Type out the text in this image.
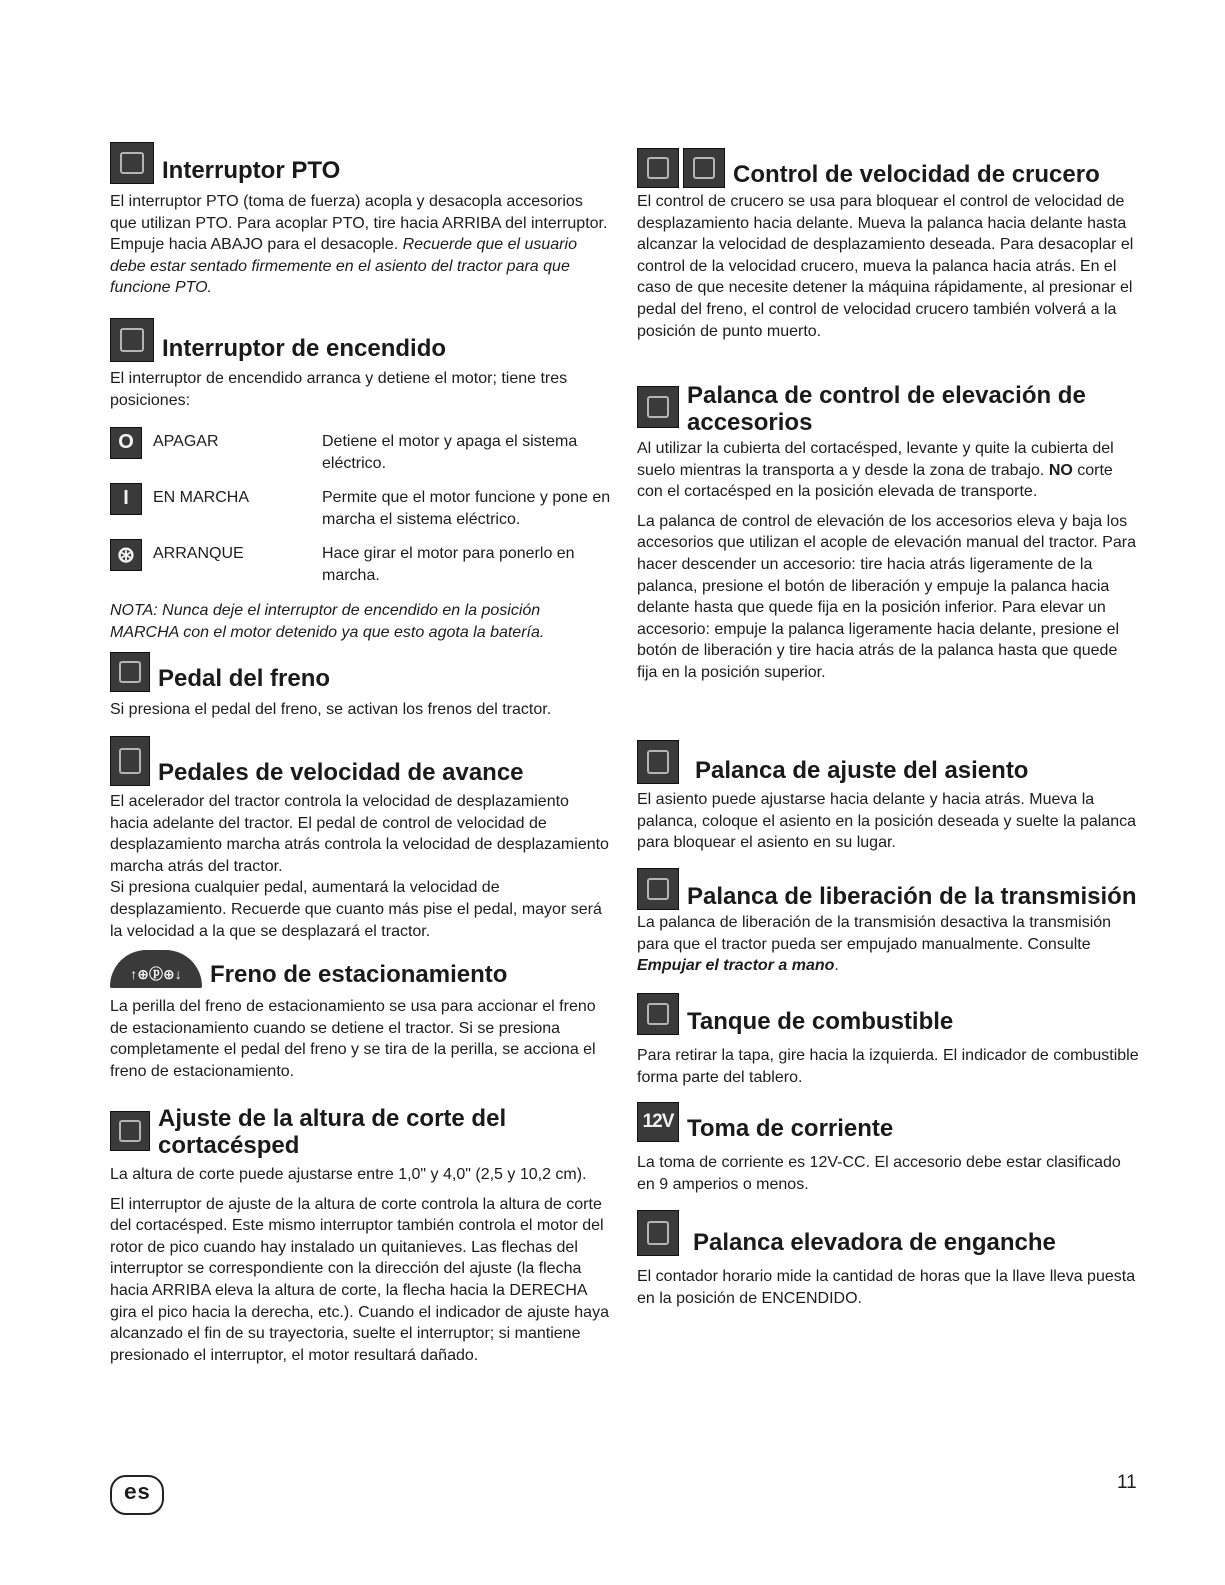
Interruptor PTO

El interruptor PTO (toma de fuerza) acopla y desacopla accesorios que utilizan PTO. Para acoplar PTO, tire hacia ARRIBA del interruptor. Empuje hacia ABAJO para el desacople. Recuerde que el usuario debe estar sentado firmemente en el asiento del tractor para que funcione PTO.

Interruptor de encendido

El interruptor de encendido arranca y detiene el motor; tiene tres posiciones:

O	APAGAR	Detiene el motor y apaga el sistema eléctrico.
I	EN MARCHA	Permite que el motor funcione y pone en marcha el sistema eléctrico.
⊛	ARRANQUE	Hace girar el motor para ponerlo en marcha.

NOTA: Nunca deje el interruptor de encendido en la posición MARCHA con el motor detenido ya que esto agota la batería.

Pedal del freno

Si presiona el pedal del freno, se activan los frenos del tractor.

Pedales de velocidad de avance

El acelerador del tractor controla la velocidad de desplazamiento hacia adelante del tractor. El pedal de control de velocidad de desplazamiento marcha atrás controla la velocidad de desplazamiento marcha atrás del tractor.

Si presiona cualquier pedal, aumentará la velocidad de desplazamiento. Recuerde que cuanto más pise el pedal, mayor será la velocidad a la que se desplazará el tractor.

↑⊕ⓟ⊕↓	Freno de estacionamiento

La perilla del freno de estacionamiento se usa para accionar el freno de estacionamiento cuando se detiene el tractor. Si se presiona completamente el pedal del freno y se tira de la perilla, se acciona el freno de estacionamiento.

Ajuste de la altura de corte del cortacésped

La altura de corte puede ajustarse entre 1,0" y 4,0" (2,5 y 10,2 cm).

El interruptor de ajuste de la altura de corte controla la altura de corte del cortacésped. Este mismo interruptor también controla el motor del rotor de pico cuando hay instalado un quitanieves. Las flechas del interruptor se correspondiente con la dirección del ajuste (la flecha hacia ARRIBA eleva la altura de corte, la flecha hacia la DERECHA gira el pico hacia la derecha, etc.). Cuando el indicador de ajuste haya alcanzado el fin de su trayectoria, suelte el interruptor; si mantiene presionado el interruptor, el motor resultará dañado.

Control de velocidad de crucero

El control de crucero se usa para bloquear el control de velocidad de desplazamiento hacia delante. Mueva la palanca hacia delante hasta alcanzar la velocidad de desplazamiento deseada. Para desacoplar el control de la velocidad crucero, mueva la palanca hacia atrás. En el caso de que necesite detener la máquina rápidamente, al presionar el pedal del freno, el control de velocidad crucero también volverá a la posición de punto muerto.

Palanca de control de elevación de accesorios

Al utilizar la cubierta del cortacésped, levante y quite la cubierta del suelo mientras la transporta a y desde la zona de trabajo. NO corte con el cortacésped en la posición elevada de transporte.

La palanca de control de elevación de los accesorios eleva y baja los accesorios que utilizan el acople de elevación manual del tractor. Para hacer descender un accesorio: tire hacia atrás ligeramente de la palanca, presione el botón de liberación y empuje la palanca hacia delante hasta que quede fija en la posición inferior. Para elevar un accesorio: empuje la palanca ligeramente hacia delante, presione el botón de liberación y tire hacia atrás de la palanca hasta que quede fija en la posición superior.

Palanca de ajuste del asiento

El asiento puede ajustarse hacia delante y hacia atrás. Mueva la palanca, coloque el asiento en la posición deseada y suelte la palanca para bloquear el asiento en su lugar.

Palanca de liberación de la transmisión

La palanca de liberación de la transmisión desactiva la transmisión para que el tractor pueda ser empujado manualmente. Consulte Empujar el tractor a mano.

Tanque de combustible

Para retirar la tapa, gire hacia la izquierda. El indicador de combustible forma parte del tablero.

12V Toma de corriente

La toma de corriente es 12V-CC. El accesorio debe estar clasificado en 9 amperios o menos.

Palanca elevadora de enganche

El contador horario mide la cantidad de horas que la llave lleva puesta en la posición de ENCENDIDO.

es	11
